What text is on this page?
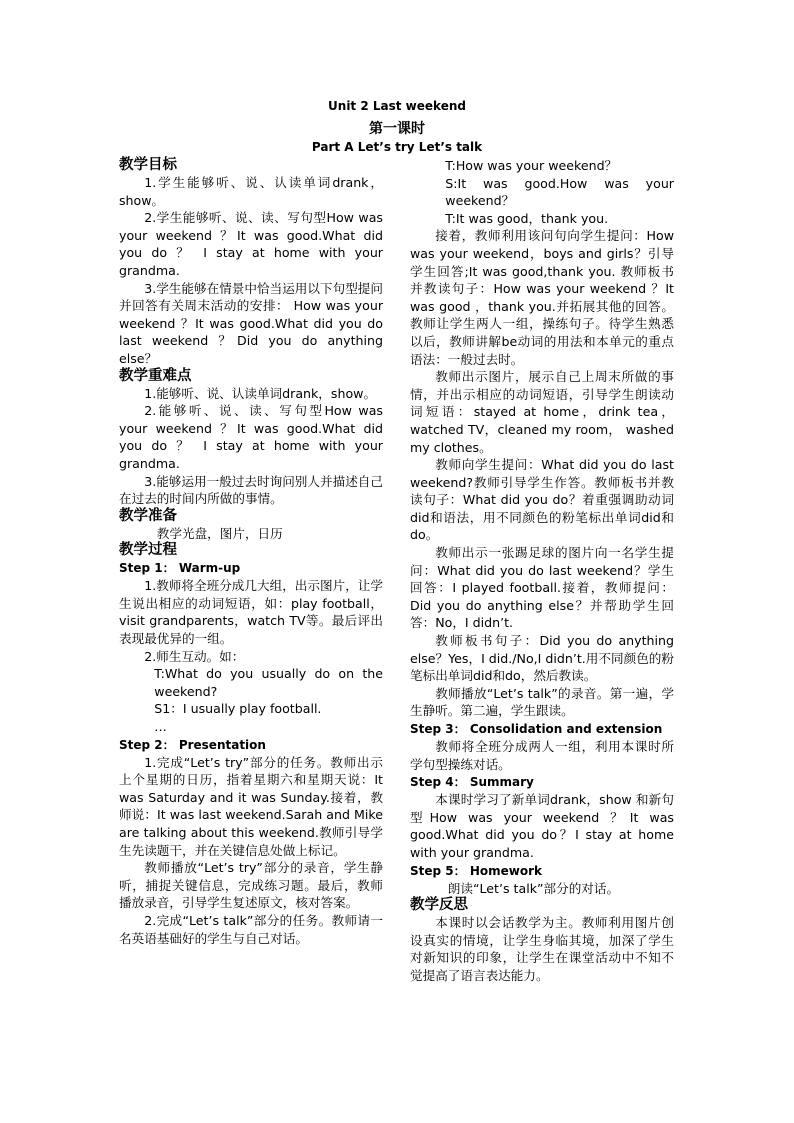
Unit 2 Last weekend
第一课时
Part A Let’s try Let’s talk

教学目标

1.学生能够听、说、认读单词drank，show。

2.学生能够听、说、读、写句型How was your weekend ？It was good.What did you do ？ I stay at home with your grandma.

3.学生能够在情景中恰当运用以下句型提问并回答有关周末活动的安排： How was your weekend ？It was good.What did you do last weekend ？Did you do anything else？

教学重难点

1.能够听、说、认读单词drank，show。

2.能够听、说、读、写句型How was your weekend ？It was good.What did you do ？ I stay at home with your grandma.

3.能够运用一般过去时询问别人并描述自己在过去的时间内所做的事情。

教学准备

教学光盘，图片，日历

教学过程

Step 1： Warm-up

1.教师将全班分成几大组，出示图片，让学生说出相应的动词短语，如：play football，visit grandparents，watch TV等。最后评出表现最优异的一组。

2.师生互动。如：

T:What do you usually do on the weekend?

S1：I usually play football.

…

Step 2： Presentation

1.完成“Let’s try”部分的任务。教师出示上个星期的日历，指着星期六和星期天说：It was Saturday and it was Sunday.接着，教师说：It was last weekend.Sarah and Mike are talking about this weekend.教师引导学生先读题干，并在关键信息处做上标记。

教师播放“Let’s try”部分的录音，学生静听，捕捉关键信息，完成练习题。最后，教师播放录音，引导学生复述原文，核对答案。

2.完成“Let’s talk”部分的任务。教师请一名英语基础好的学生与自己对话。

T:How was your weekend？

S:It was good.How was your weekend？

T:It was good，thank you.

接着，教师利用该问句向学生提问：How was your weekend，boys and girls？引导学生回答;It was good,thank you. 教师板书并教读句子：How was your weekend ？It was good ，thank you.并拓展其他的回答。教师让学生两人一组，操练句子。待学生熟悉以后，教师讲解be动词的用法和本单元的重点语法：一般过去时。

教师出示图片，展示自己上周末所做的事情，并出示相应的动词短语，引导学生朗读动词短语：stayed at home，drink tea，watched TV，cleaned my room， washed my clothes。

教师向学生提问：What did you do last weekend?教师引导学生作答。教师板书并教读句子：What did you do？着重强调助动词did和语法，用不同颜色的粉笔标出单词did和do。

教师出示一张踢足球的图片向一名学生提问：What did you do last weekend？学生回答：I played football.接着，教师提问：Did you do anything else？并帮助学生回答：No，I didn’t.

教师板书句子：Did you do anything else？Yes，I did./No,I didn’t.用不同颜色的粉笔标出单词did和do，然后教读。

教师播放“Let’s talk”的录音。第一遍，学生静听。第二遍，学生跟读。

Step 3： Consolidation and extension

教师将全班分成两人一组，利用本课时所学句型操练对话。

Step 4： Summary

本课时学习了新单词drank，show 和新句型How was your weekend ？It was good.What did you do？I stay at home with your grandma.

Step 5： Homework

朗读“Let’s talk”部分的对话。

教学反思

本课时以会话教学为主。教师利用图片创设真实的情境，让学生身临其境，加深了学生对新知识的印象，让学生在课堂活动中不知不觉提高了语言表达能力。
